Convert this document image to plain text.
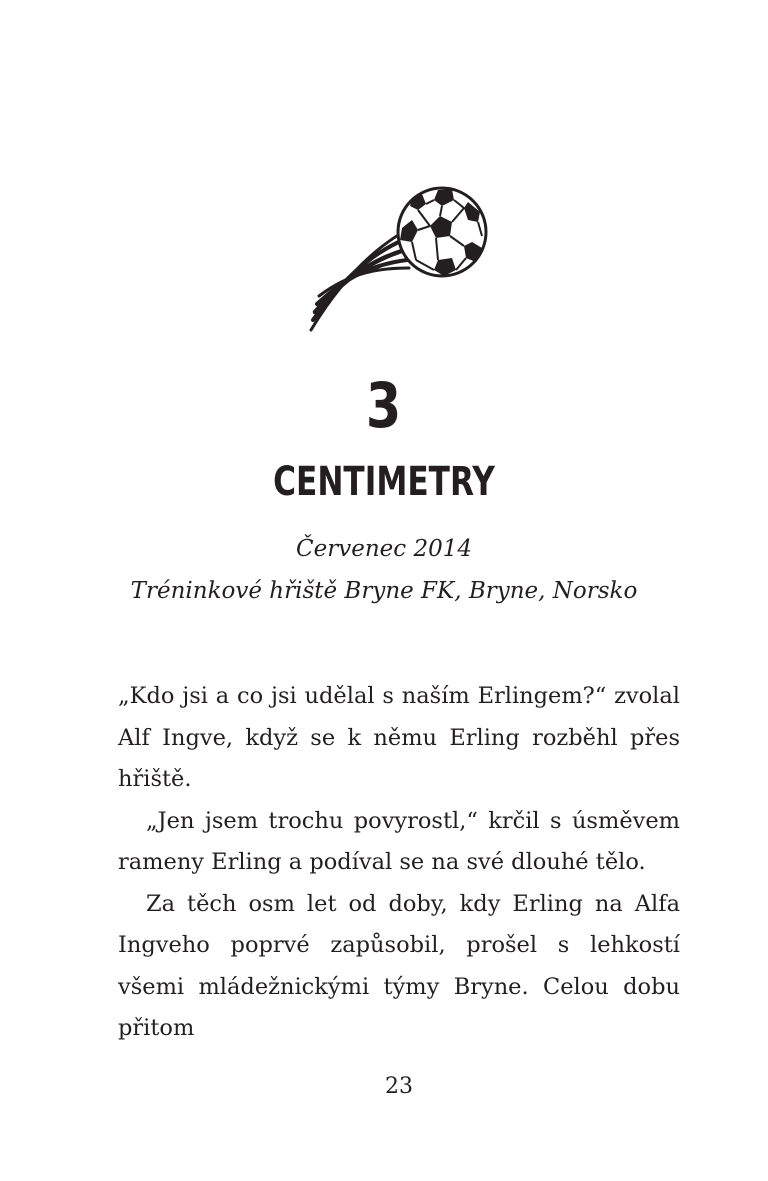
3
CENTIMETRY
Červenec 2014
Tréninkové hřiště Bryne FK, Bryne, Norsko

„Kdo jsi a co jsi udělal s naším Erlingem?“ zvolal Alf Ingve, když se k němu Erling rozběhl přes hřiště.

„Jen jsem trochu povyrostl,“ krčil s úsměvem rameny Erling a podíval se na své dlouhé tělo.

Za těch osm let od doby, kdy Erling na Alfa Ingveho poprvé zapůsobil, prošel s lehkostí všemi mládežnickými týmy Bryne. Celou dobu přitom

23
